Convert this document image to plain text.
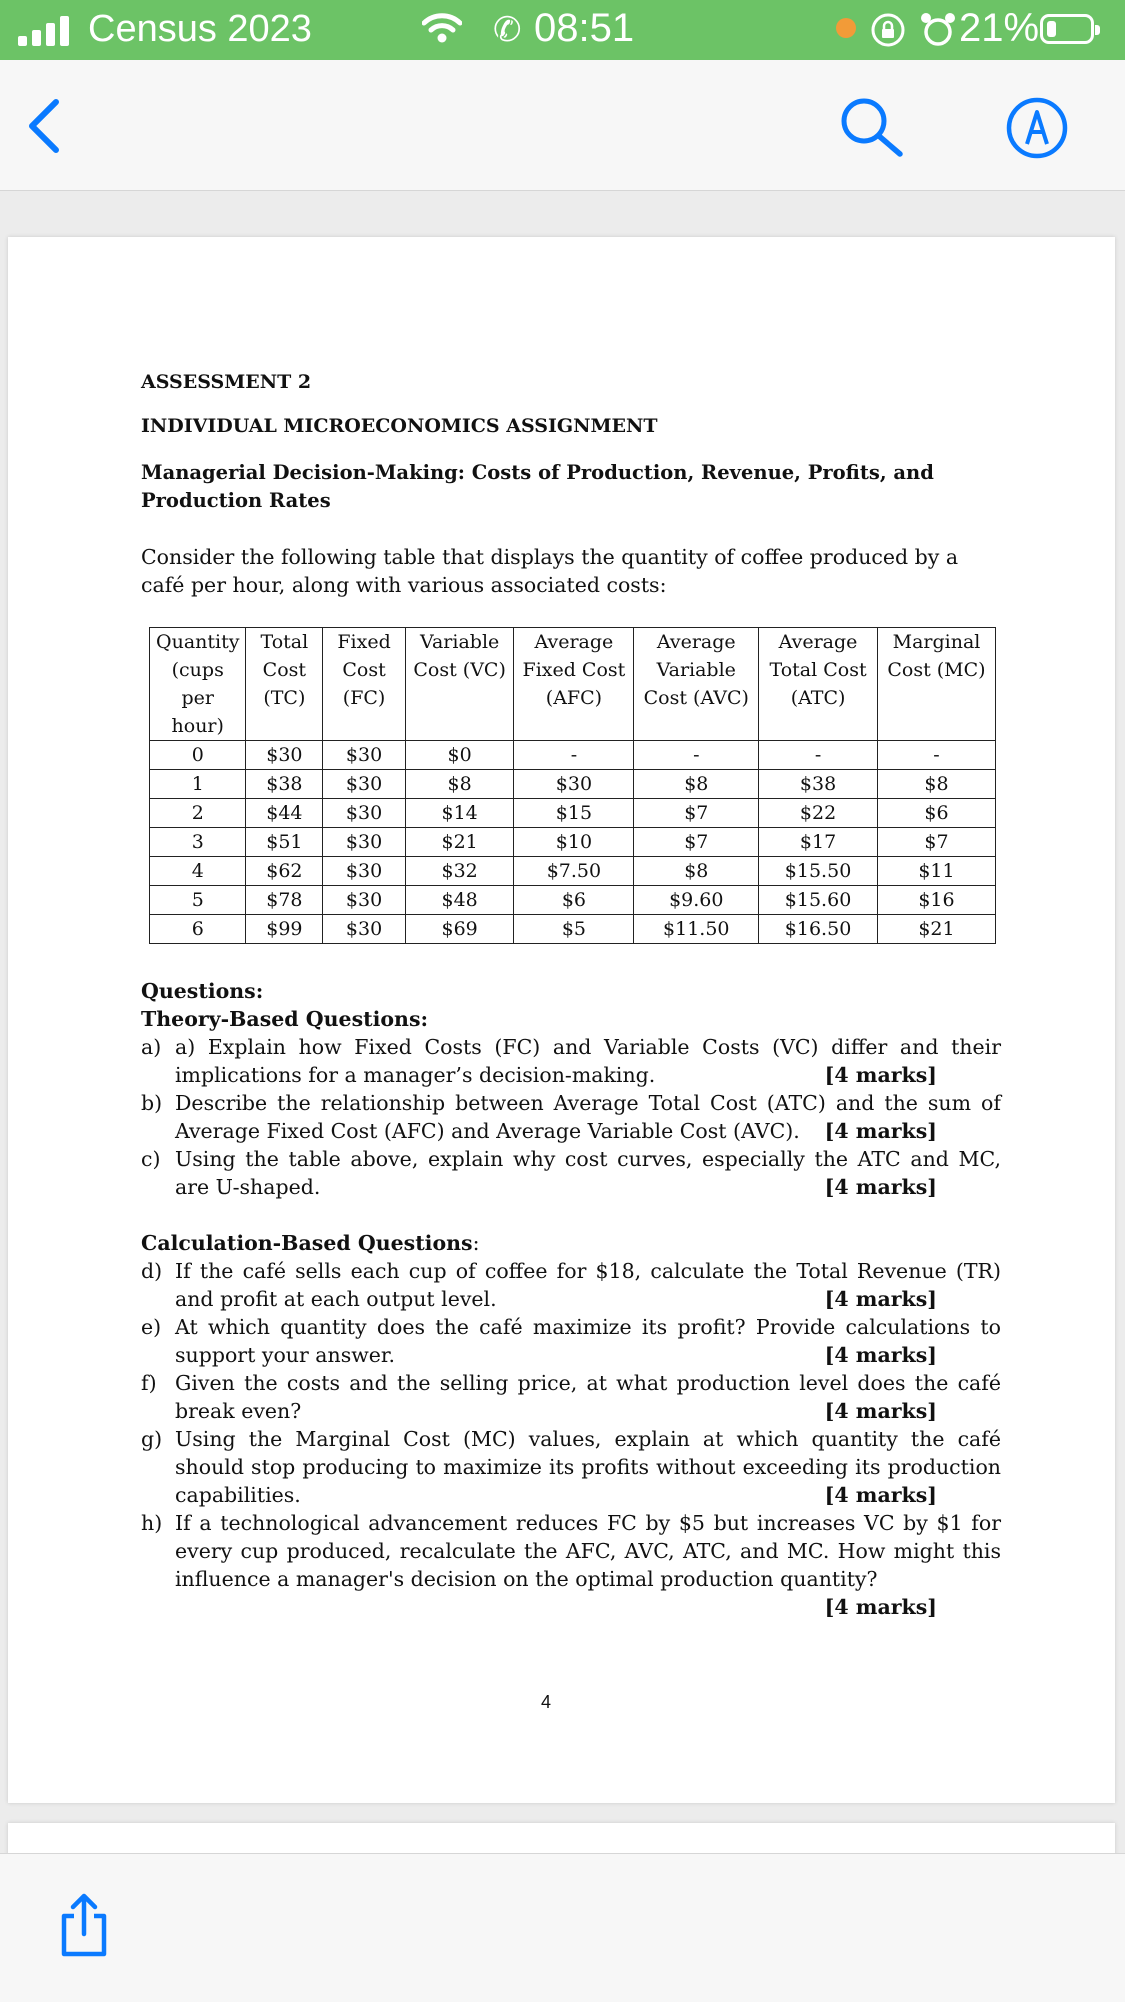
Census 2023	✆ 08:51	21%
ASSESSMENT 2
INDIVIDUAL MICROECONOMICS ASSIGNMENT
Managerial Decision-Making: Costs of Production, Revenue, Profits, and Production Rates
Consider the following table that displays the quantity of coffee produced by a café per hour, along with various associated costs:
Quantity (cups per hour)	Total Cost (TC)	Fixed Cost (FC)	Variable Cost (VC)	Average Fixed Cost (AFC)	Average Variable Cost (AVC)	Average Total Cost (ATC)	Marginal Cost (MC)
0	$30	$30	$0	-	-	-	-
1	$38	$30	$8	$30	$8	$38	$8
2	$44	$30	$14	$15	$7	$22	$6
3	$51	$30	$21	$10	$7	$17	$7
4	$62	$30	$32	$7.50	$8	$15.50	$11
5	$78	$30	$48	$6	$9.60	$15.60	$16
6	$99	$30	$69	$5	$11.50	$16.50	$21
Questions:
Theory-Based Questions:
a) a) Explain how Fixed Costs (FC) and Variable Costs (VC) differ and their implications for a manager’s decision-making.	[4 marks]
b) Describe the relationship between Average Total Cost (ATC) and the sum of Average Fixed Cost (AFC) and Average Variable Cost (AVC). [4 marks]
c) Using the table above, explain why cost curves, especially the ATC and MC, are U-shaped.	[4 marks]
Calculation-Based Questions:
d) If the café sells each cup of coffee for $18, calculate the Total Revenue (TR) and profit at each output level.	[4 marks]
e) At which quantity does the café maximize its profit? Provide calculations to support your answer.	[4 marks]
f) Given the costs and the selling price, at what production level does the café break even?	[4 marks]
g) Using the Marginal Cost (MC) values, explain at which quantity the café should stop producing to maximize its profits without exceeding its production capabilities.	[4 marks]
h) If a technological advancement reduces FC by $5 but increases VC by $1 for every cup produced, recalculate the AFC, AVC, ATC, and MC. How might this influence a manager's decision on the optimal production quantity?
[4 marks]
4
